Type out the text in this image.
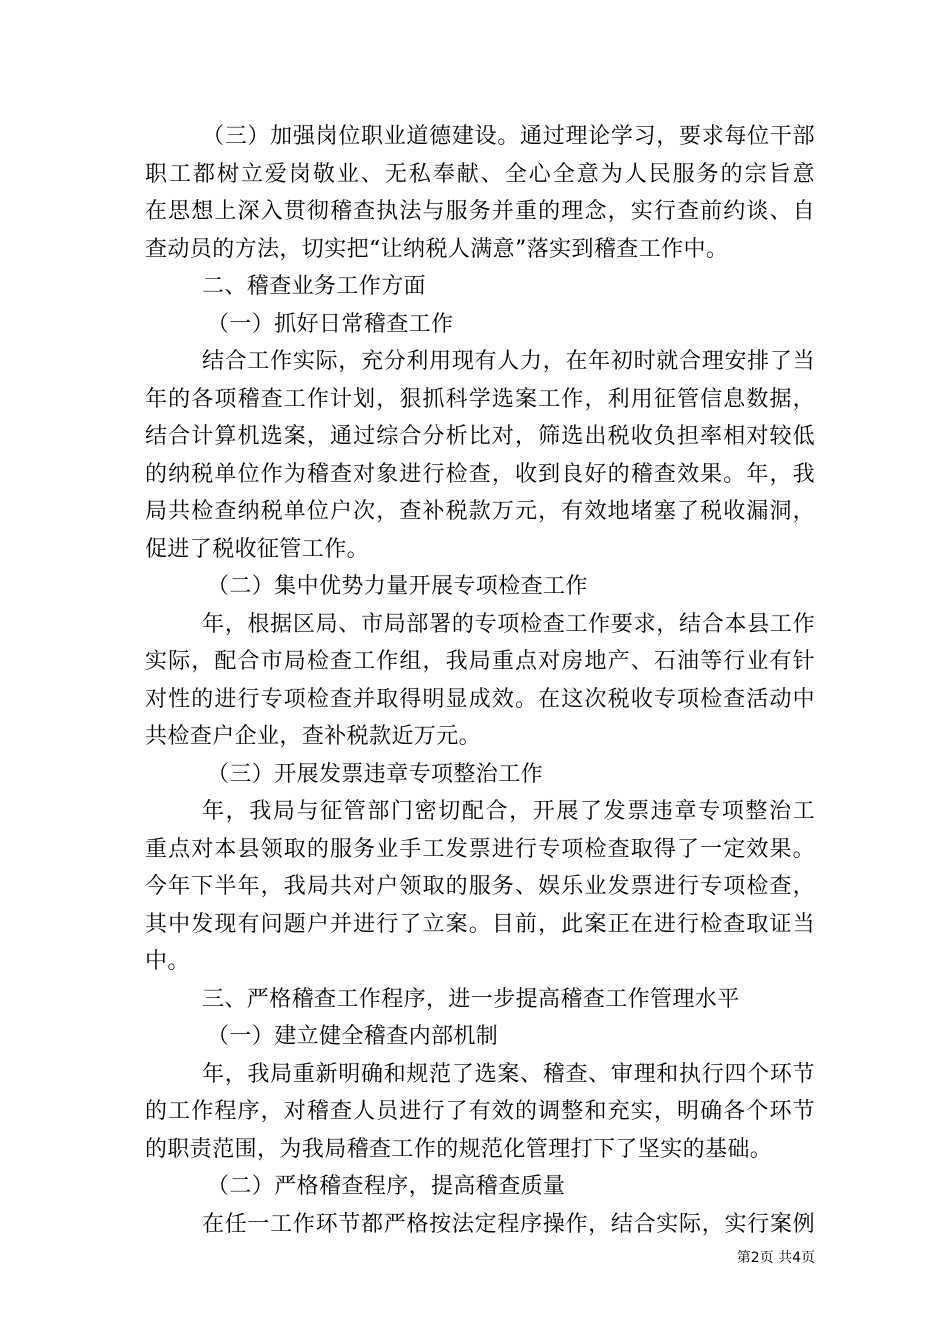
（三）加强岗位职业道德建设。通过理论学习，要求每位干部
职工都树立爱岗敬业、无私奉献、全心全意为人民服务的宗旨意
在思想上深入贯彻稽查执法与服务并重的理念，实行查前约谈、自
查动员的方法，切实把“让纳税人满意”落实到稽查工作中。
二、稽查业务工作方面
（一）抓好日常稽查工作
结合工作实际，充分利用现有人力，在年初时就合理安排了当
年的各项稽查工作计划，狠抓科学选案工作，利用征管信息数据，
结合计算机选案，通过综合分析比对，筛选出税收负担率相对较低
的纳税单位作为稽查对象进行检查，收到良好的稽查效果。年，我
局共检查纳税单位户次，查补税款万元，有效地堵塞了税收漏洞，
促进了税收征管工作。
（二）集中优势力量开展专项检查工作
年，根据区局、市局部署的专项检查工作要求，结合本县工作
实际，配合市局检查工作组，我局重点对房地产、石油等行业有针
对性的进行专项检查并取得明显成效。在这次税收专项检查活动中
共检查户企业，查补税款近万元。
（三）开展发票违章专项整治工作
年，我局与征管部门密切配合，开展了发票违章专项整治工
重点对本县领取的服务业手工发票进行专项检查取得了一定效果。
今年下半年，我局共对户领取的服务、娱乐业发票进行专项检查，
其中发现有问题户并进行了立案。目前，此案正在进行检查取证当
中。
三、严格稽查工作程序，进一步提高稽查工作管理水平
（一）建立健全稽查内部机制
年，我局重新明确和规范了选案、稽查、审理和执行四个环节
的工作程序，对稽查人员进行了有效的调整和充实，明确各个环节
的职责范围，为我局稽查工作的规范化管理打下了坚实的基础。
（二）严格稽查程序，提高稽查质量
在任一工作环节都严格按法定程序操作，结合实际，实行案例
第2页 共4页
